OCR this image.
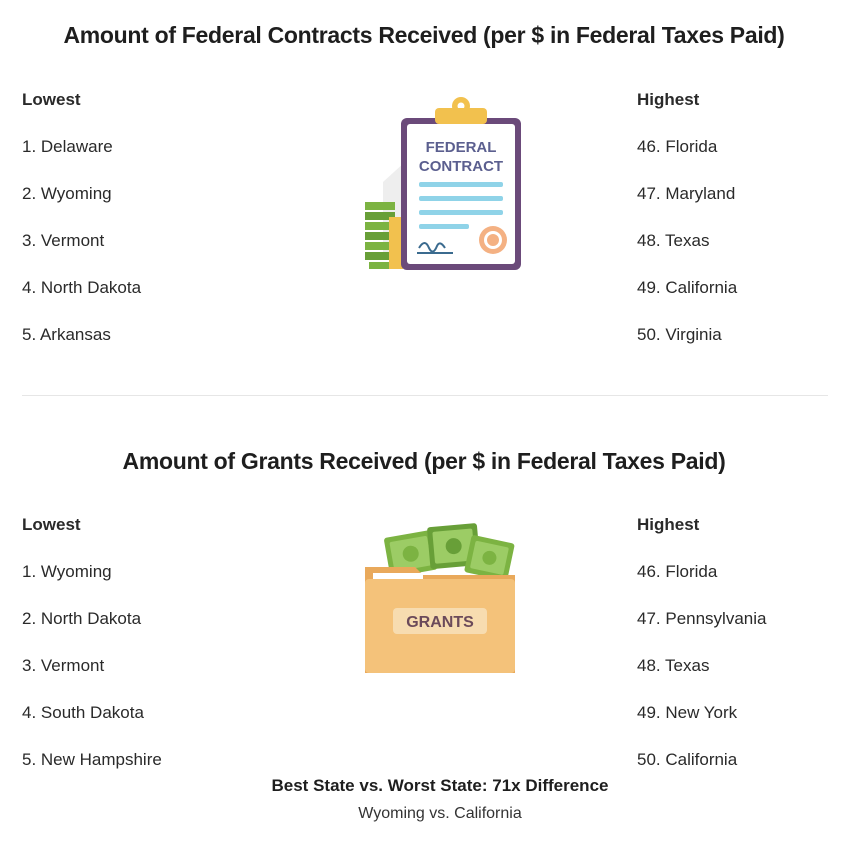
Amount of Federal Contracts Received (per $ in Federal Taxes Paid)
Lowest
1. Delaware
2. Wyoming
3. Vermont
4. North Dakota
5. Arkansas
Highest
46. Florida
47. Maryland
48. Texas
49. California
50. Virginia
FEDERAL
CONTRACT
Amount of Grants Received (per $ in Federal Taxes Paid)
Lowest
1. Wyoming
2. North Dakota
3. Vermont
4. South Dakota
5. New Hampshire
Highest
46. Florida
47. Pennsylvania
48. Texas
49. New York
50. California
GRANTS
Best State vs. Worst State: 71x Difference
Wyoming vs. California
